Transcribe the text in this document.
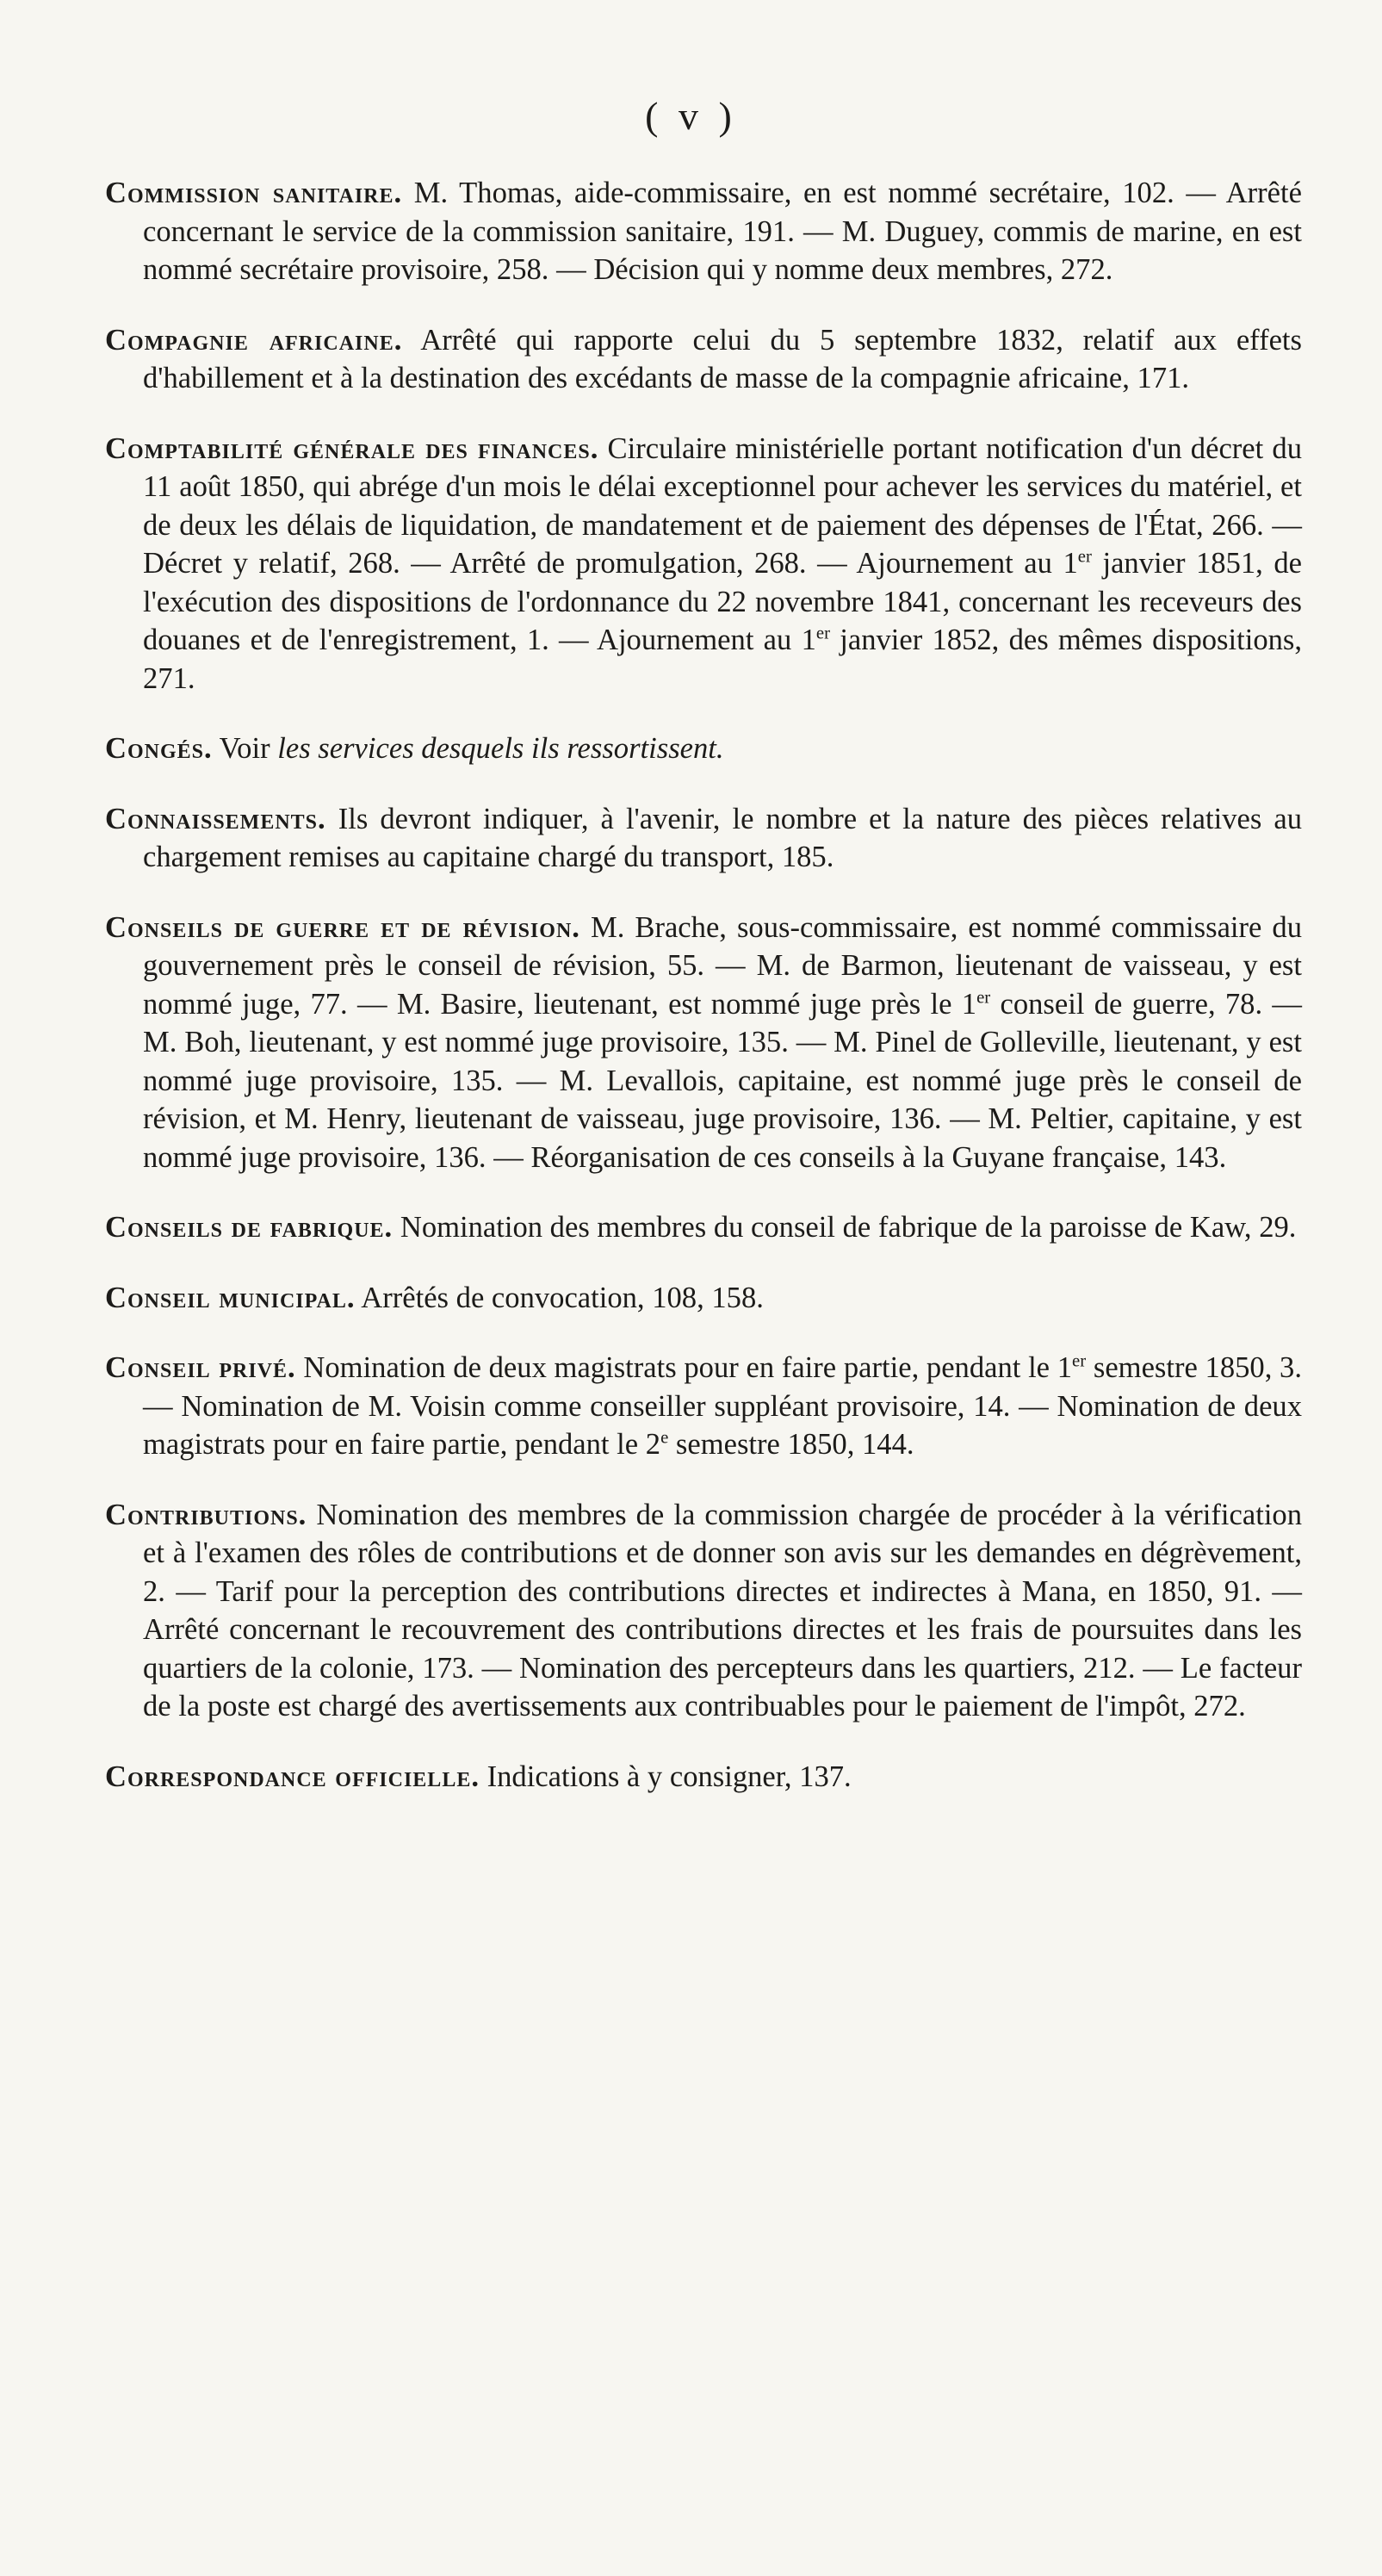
( v )

Commission sanitaire. M. Thomas, aide-commissaire, en est nommé secrétaire, 102. — Arrêté concernant le service de la commission sanitaire, 191. — M. Duguey, commis de marine, en est nommé secrétaire provisoire, 258. — Décision qui y nomme deux membres, 272.

Compagnie africaine. Arrêté qui rapporte celui du 5 septembre 1832, relatif aux effets d'habillement et à la destination des excédants de masse de la compagnie africaine, 171.

Comptabilité générale des finances. Circulaire ministérielle portant notification d'un décret du 11 août 1850, qui abrége d'un mois le délai exceptionnel pour achever les services du matériel, et de deux les délais de liquidation, de mandatement et de paiement des dépenses de l'État, 266. — Décret y relatif, 268. — Arrêté de promulgation, 268. — Ajournement au 1er janvier 1851, de l'exécution des dispositions de l'ordonnance du 22 novembre 1841, concernant les receveurs des douanes et de l'enregistrement, 1. — Ajournement au 1er janvier 1852, des mêmes dispositions, 271.

Congés. Voir les services desquels ils ressortissent.

Connaissements. Ils devront indiquer, à l'avenir, le nombre et la nature des pièces relatives au chargement remises au capitaine chargé du transport, 185.

Conseils de guerre et de révision. M. Brache, sous-commissaire, est nommé commissaire du gouvernement près le conseil de révision, 55. — M. de Barmon, lieutenant de vaisseau, y est nommé juge, 77. — M. Basire, lieutenant, est nommé juge près le 1er conseil de guerre, 78. — M. Boh, lieutenant, y est nommé juge provisoire, 135. — M. Pinel de Golleville, lieutenant, y est nommé juge provisoire, 135. — M. Levallois, capitaine, est nommé juge près le conseil de révision, et M. Henry, lieutenant de vaisseau, juge provisoire, 136. — M. Peltier, capitaine, y est nommé juge provisoire, 136. — Réorganisation de ces conseils à la Guyane française, 143.

Conseils de fabrique. Nomination des membres du conseil de fabrique de la paroisse de Kaw, 29.

Conseil municipal. Arrêtés de convocation, 108, 158.

Conseil privé. Nomination de deux magistrats pour en faire partie, pendant le 1er semestre 1850, 3. — Nomination de M. Voisin comme conseiller suppléant provisoire, 14. — Nomination de deux magistrats pour en faire partie, pendant le 2e semestre 1850, 144.

Contributions. Nomination des membres de la commission chargée de procéder à la vérification et à l'examen des rôles de contributions et de donner son avis sur les demandes en dégrèvement, 2. — Tarif pour la perception des contributions directes et indirectes à Mana, en 1850, 91. — Arrêté concernant le recouvrement des contributions directes et les frais de poursuites dans les quartiers de la colonie, 173. — Nomination des percepteurs dans les quartiers, 212. — Le facteur de la poste est chargé des avertissements aux contribuables pour le paiement de l'impôt, 272.

Correspondance officielle. Indications à y consigner, 137.
